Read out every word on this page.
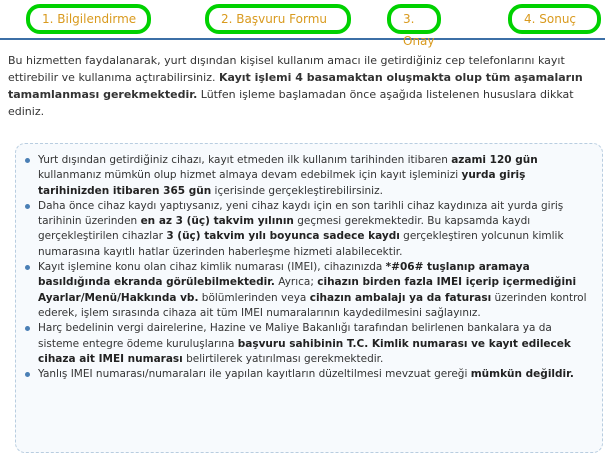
1. Bilgilendirme	2. Başvuru Formu	3. Onay
4. Sonuç
Bu hizmetten faydalanarak, yurt dışından kişisel kullanım amacı ile getirdiğiniz cep telefonlarını kayıt ettirebilir ve kullanıma açtırabilirsiniz. Kayıt işlemi 4 basamaktan oluşmakta olup tüm aşamaların tamamlanması gerekmektedir. Lütfen işleme başlamadan önce aşağıda listelenen hususlara dikkat ediniz.
Yurt dışından getirdiğiniz cihazı, kayıt etmeden ilk kullanım tarihinden itibaren azami 120 gün kullanmanız mümkün olup hizmet almaya devam edebilmek için kayıt işleminizi yurda giriş tarihinizden itibaren 365 gün içerisinde gerçekleştirebilirsiniz.
Daha önce cihaz kaydı yaptıysanız, yeni cihaz kaydı için en son tarihli cihaz kaydınıza ait yurda giriş tarihinin üzerinden en az 3 (üç) takvim yılının geçmesi gerekmektedir. Bu kapsamda kaydı gerçekleştirilen cihazlar 3 (üç) takvim yılı boyunca sadece kaydı gerçekleştiren yolcunun kimlik numarasına kayıtlı hatlar üzerinden haberleşme hizmeti alabilecektir.
Kayıt işlemine konu olan cihaz kimlik numarası (IMEI), cihazınızda *#06# tuşlanıp aramaya basıldığında ekranda görülebilmektedir. Ayrıca; cihazın birden fazla IMEI içerip içermediğini Ayarlar/Menü/Hakkında vb. bölümlerinden veya cihazın ambalajı ya da faturası üzerinden kontrol ederek, işlem sırasında cihaza ait tüm IMEI numaralarının kaydedilmesini sağlayınız.
Harç bedelinin vergi dairelerine, Hazine ve Maliye Bakanlığı tarafından belirlenen bankalara ya da sisteme entegre ödeme kuruluşlarına başvuru sahibinin T.C. Kimlik numarası ve kayıt edilecek cihaza ait IMEI numarası belirtilerek yatırılması gerekmektedir.
Yanlış IMEI numarası/numaraları ile yapılan kayıtların düzeltilmesi mevzuat gereği mümkün değildir.
